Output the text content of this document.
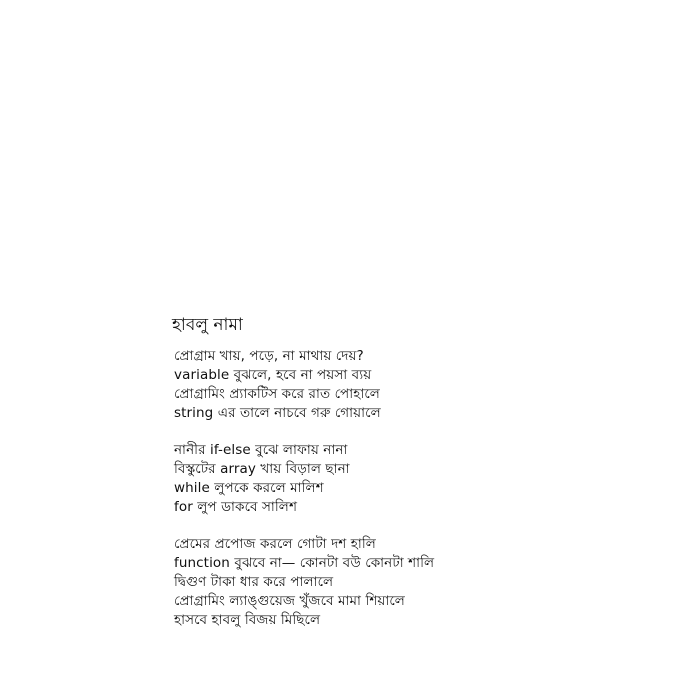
হাবলু নামা
প্রোগ্রাম খায়, পড়ে, না মাথায় দেয়?
variable বুঝলে, হবে না পয়সা ব্যয়
প্রোগ্রামিং প্র্যাকটিস করে রাত পোহালে
string এর তালে নাচবে গরু গোয়ালে
নানীর if-else বুঝে লাফায় নানা
বিস্কুটের array খায় বিড়াল ছানা
while লুপকে করলে মালিশ
for লুপ ডাকবে সালিশ
প্রেমের প্রপোজ করলে গোটা দশ হালি
function বুঝবে না— কোনটা বউ কোনটা শালি
দ্বিগুণ টাকা ধার করে পালালে
প্রোগ্রামিং ল্যাঙ্গুয়েজ খুঁজবে মামা শিয়ালে
হাসবে হাবলু বিজয় মিছিলে
